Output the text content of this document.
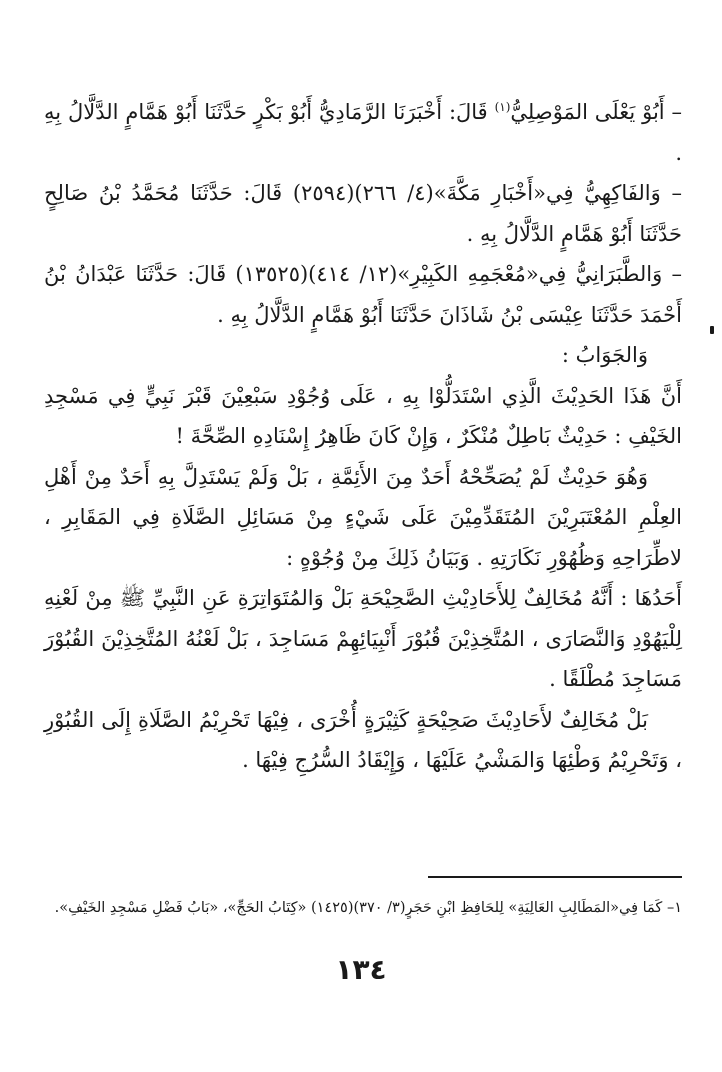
– أَبُوْ يَعْلَى المَوْصِلِيُّ$^{(١)}$ قَالَ: أَخْبَرَنَا الرَّمَادِيُّ أَبُوْ بَكْرٍ حَدَّثَنَا أَبُوْ هَمَّامٍ الدَّلَّالُ بِهِ .

– وَالفَاكِهِيُّ فِي«أَخْبَارِ مَكَّةَ»(٤/ ٢٦٦)(٢٥٩٤) قَالَ: حَدَّثَنَا مُحَمَّدُ بْنُ صَالِحٍ حَدَّثَنَا أَبُوْ هَمَّامٍ الدَّلَّالُ بِهِ .

– وَالطَّبَرَانِيُّ فِي«مُعْجَمِهِ الكَبِيْرِ»(١٢/ ٤١٤)(١٣٥٢٥) قَالَ: حَدَّثَنَا عَبْدَانُ بْنُ أَحْمَدَ حَدَّثَنَا عِيْسَى بْنُ شَاذَانَ حَدَّثَنَا أَبُوْ هَمَّامٍ الدَّلَّالُ بِهِ .

وَالجَوَابُ :

أَنَّ هَذَا الحَدِيْثَ الَّذِي اسْتَدَلُّوْا بِهِ ، عَلَى وُجُوْدِ سَبْعِيْنَ قَبْرَ نَبِيٍّ فِي مَسْجِدِ الخَيْفِ : حَدِيْثٌ بَاطِلٌ مُنْكَرٌ ، وَإِنْ كَانَ ظَاهِرُ إِسْنَادِهِ الصِّحَّةَ !

وَهُوَ حَدِيْثٌ لَمْ يُصَحِّحْهُ أَحَدٌ مِنَ الأَئِمَّةِ ، بَلْ وَلَمْ يَسْتَدِلَّ بِهِ أَحَدٌ مِنْ أَهْلِ العِلْمِ المُعْتَبَرِيْنَ المُتَقَدِّمِيْنَ عَلَى شَيْءٍ مِنْ مَسَائِلِ الصَّلَاةِ فِي المَقَابِرِ ، لاطِّرَاحِهِ وَظُهُوْرِ نَكَارَتِهِ . وَبَيَانُ ذَلِكَ مِنْ وُجُوْهٍ :

أَحَدُهَا : أَنَّهُ مُخَالِفٌ لِلأَحَادِيْثِ الصَّحِيْحَةِ بَلْ وَالمُتَوَاتِرَةِ عَنِ النَّبِيِّ ﷺ مِنْ لَعْنِهِ لِلْيَهُوْدِ وَالنَّصَارَى ، المُتَّخِذِيْنَ قُبُوْرَ أَنْبِيَائِهِمْ مَسَاجِدَ ، بَلْ لَعْنُهُ المُتَّخِذِيْنَ القُبُوْرَ مَسَاجِدَ مُطْلَقًا .

بَلْ مُخَالِفٌ لأَحَادِيْثَ صَحِيْحَةٍ كَثِيْرَةٍ أُخْرَى ، فِيْهَا تَحْرِيْمُ الصَّلَاةِ إِلَى القُبُوْرِ ، وَتَحْرِيْمُ وَطْئِهَا وَالمَشْيُ عَلَيْهَا ، وَإِيْقَادُ السُّرُجِ فِيْهَا .

١– كَمَا فِي«المَطَالِبِ العَالِيَةِ» لِلحَافِظِ ابْنِ حَجَرٍ(٣/ ٣٧٠)(١٤٢٥) «كِتَابُ الحَجِّ»، «بَابُ فَضْلِ مَسْجِدِ الخَيْفِ».
١٣٤
